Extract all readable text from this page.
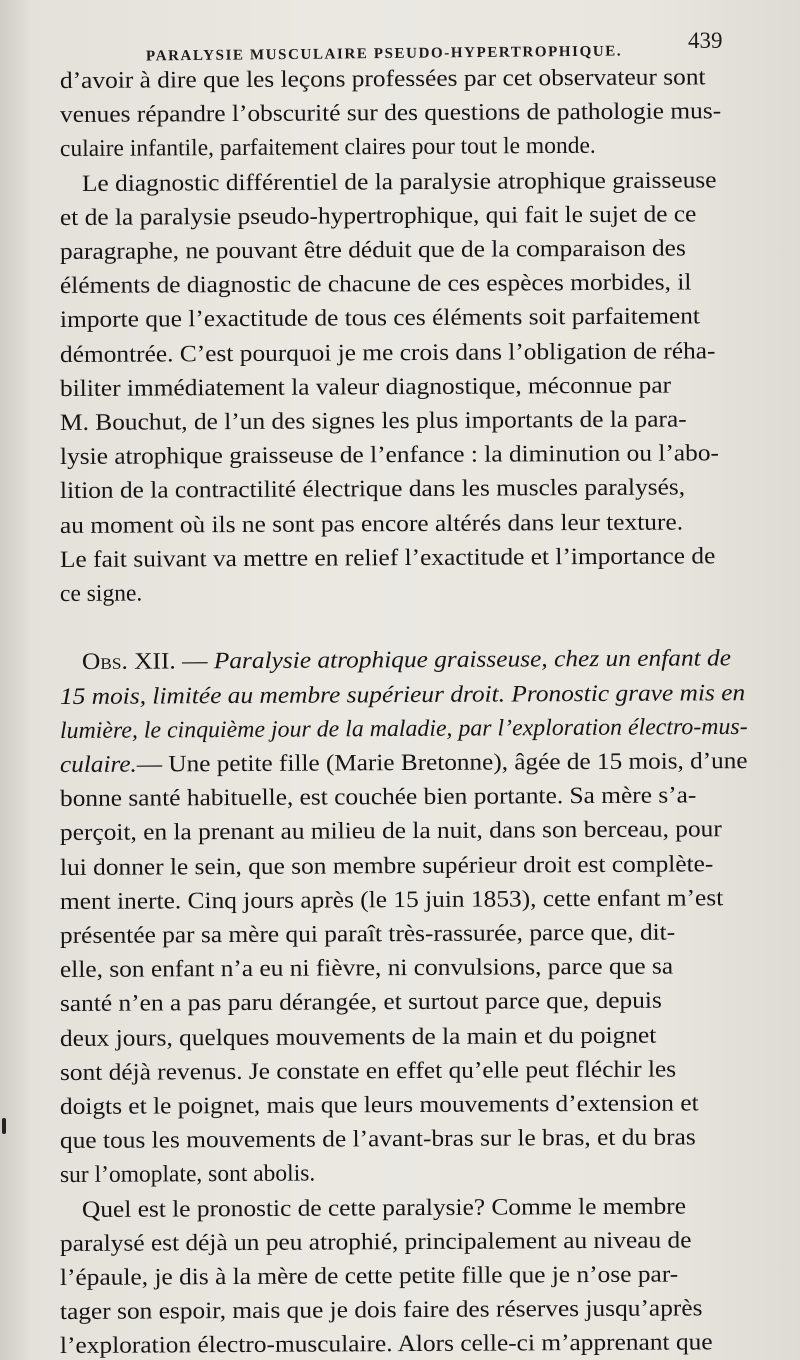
PARALYSIE MUSCULAIRE PSEUDO-HYPERTROPHIQUE.
439
d’avoir à dire que les leçons professées par cet observateur sont
venues répandre l’obscurité sur des questions de pathologie mus-
culaire infantile, parfaitement claires pour tout le monde.
Le diagnostic différentiel de la paralysie atrophique graisseuse
et de la paralysie pseudo-hypertrophique, qui fait le sujet de ce
paragraphe, ne pouvant être déduit que de la comparaison des
éléments de diagnostic de chacune de ces espèces morbides, il
importe que l’exactitude de tous ces éléments soit parfaitement
démontrée. C’est pourquoi je me crois dans l’obligation de réha-
biliter immédiatement la valeur diagnostique, méconnue par
M. Bouchut, de l’un des signes les plus importants de la para-
lysie atrophique graisseuse de l’enfance : la diminution ou l’abo-
lition de la contractilité électrique dans les muscles paralysés,
au moment où ils ne sont pas encore altérés dans leur texture.
Le fait suivant va mettre en relief l’exactitude et l’importance de
ce signe.
Obs. XII. — Paralysie atrophique graisseuse, chez un enfant de
15 mois, limitée au membre supérieur droit. Pronostic grave mis en
lumière, le cinquième jour de la maladie, par l’exploration électro-mus-
culaire.— Une petite fille (Marie Bretonne), âgée de 15 mois, d’une
bonne santé habituelle, est couchée bien portante. Sa mère s’a-
perçoit, en la prenant au milieu de la nuit, dans son berceau, pour
lui donner le sein, que son membre supérieur droit est complète-
ment inerte. Cinq jours après (le 15 juin 1853), cette enfant m’est
présentée par sa mère qui paraît très-rassurée, parce que, dit-
elle, son enfant n’a eu ni fièvre, ni convulsions, parce que sa
santé n’en a pas paru dérangée, et surtout parce que, depuis
deux jours, quelques mouvements de la main et du poignet
sont déjà revenus. Je constate en effet qu’elle peut fléchir les
doigts et le poignet, mais que leurs mouvements d’extension et
que tous les mouvements de l’avant-bras sur le bras, et du bras
sur l’omoplate, sont abolis.
Quel est le pronostic de cette paralysie? Comme le membre
paralysé est déjà un peu atrophié, principalement au niveau de
l’épaule, je dis à la mère de cette petite fille que je n’ose par-
tager son espoir, mais que je dois faire des réserves jusqu’après
l’exploration électro-musculaire. Alors celle-ci m’apprenant que
